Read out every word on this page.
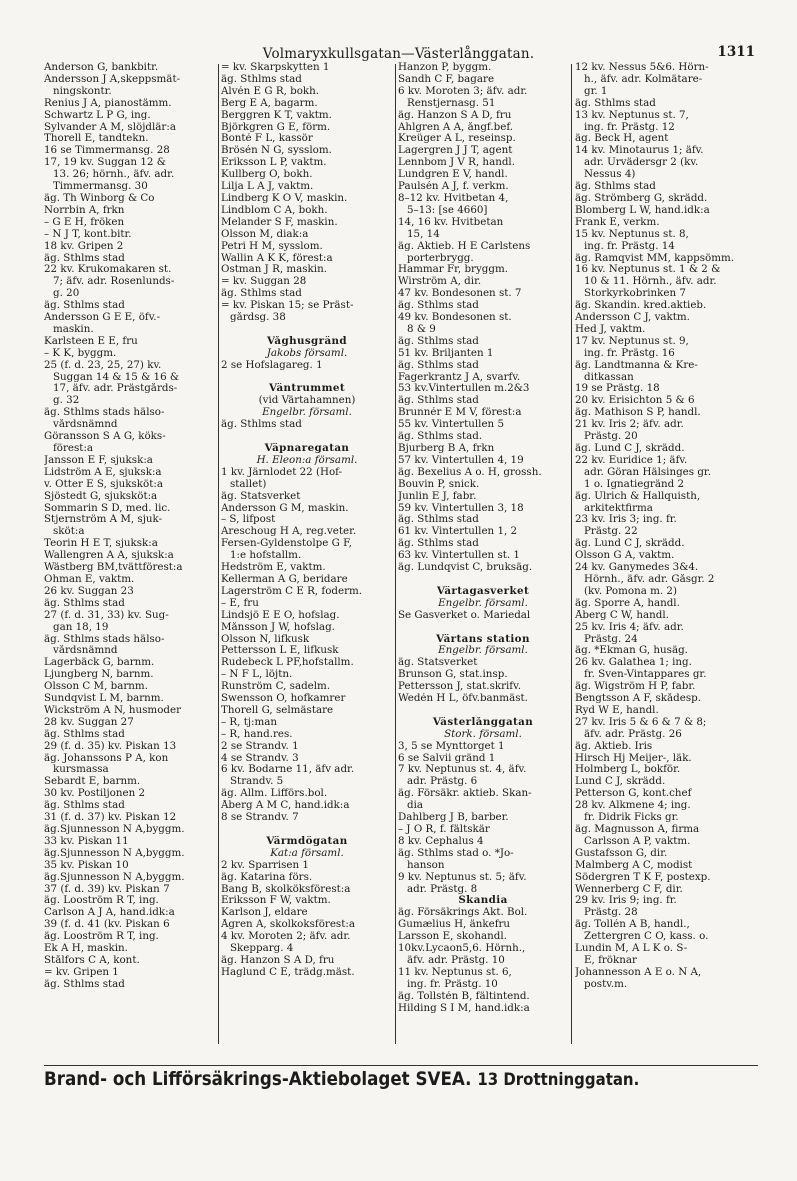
Volmaryxkullsgatan—Västerlånggatan.	1311
Anderson G, bankbitr.
Andersson J A,skeppsmät-
ningskontr.
Renius J A, pianostämm.
Schwartz L P G, ing.
Sylvander A M, slöjdlär:a
Thorell E, tandtekn.
16 se Timmermansg. 28
17, 19 kv. Suggan 12 &
13. 26; hörnh., äfv. adr.
Timmermansg. 30
äg. Th Winborg & Co
Norrbin A, frkn
– G E H, fröken
– N J T, kont.bitr.
18 kv. Gripen 2
äg. Sthlms stad
22 kv. Krukomakaren st.
7; äfv. adr. Rosenlunds-
g. 20
äg. Sthlms stad
Andersson G E E, öfv.-
maskin.
Karlsteen E E, fru
– K K, byggm.
25 (f. d. 23, 25, 27) kv.
Suggan 14 & 15 & 16 &
17, äfv. adr. Prästgårds-
g. 32
äg. Sthlms stads hälso-
vårdsnämnd
Göransson S A G, köks-
förest:a
Jansson E F, sjuksk:a
Lidström A E, sjuksk:a
v. Otter E S, sjuksköt:a
Sjöstedt G, sjuksköt:a
Sommarin S D, med. lic.
Stjernström A M, sjuk-
sköt:a
Teorin H E T, sjuksk:a
Wallengren A A, sjuksk:a
Wästberg BM,tvättförest:a
Öhman E, vaktm.
26 kv. Suggan 23
äg. Sthlms stad
27 (f. d. 31, 33) kv. Sug-
gan 18, 19
äg. Sthlms stads hälso-
vårdsnämnd
Lagerbäck G, barnm.
Ljungberg N, barnm.
Olsson C M, barnm.
Sundqvist L M, barnm.
Wickström A N, husmoder
28 kv. Suggan 27
äg. Sthlms stad
29 (f. d. 35) kv. Piskan 13
äg. Johanssons P A, kon
kursmassa
Sebardt E, barnm.
30 kv. Postiljonen 2
äg. Sthlms stad
31 (f. d. 37) kv. Piskan 12
äg.Sjunnesson N A,byggm.
33 kv. Piskan 11
äg.Sjunnesson N A,byggm.
35 kv. Piskan 10
äg.Sjunnesson N A,byggm.
37 (f. d. 39) kv. Piskan 7
äg. Looström R T, ing.
Carlson A J A, hand.idk:a
39 (f. d. 41 (kv. Piskan 6
äg. Looström R T, ing.
Ek A H, maskin.
Stålfors C A, kont.
= kv. Gripen 1
äg. Sthlms stad
= kv. Skarpskytten 1
äg. Sthlms stad
Alvén E G R, bokh.
Berg E A, bagarm.
Berggren K T, vaktm.
Björkgren G E, förm.
Bonté F L, kassör
Brösén N G, sysslom.
Eriksson L P, vaktm.
Kullberg O, bokh.
Lilja L A J, vaktm.
Lindberg K O V, maskin.
Lindblom C A, bokh.
Melander S F, maskin.
Olsson M, diak:a
Petri H M, sysslom.
Wallin A K K, förest:a
Östman J R, maskin.
= kv. Suggan 28
äg. Sthlms stad
= kv. Piskan 15; se Präst-
gårdsg. 38

Våghusgränd
Jakobs församl.
2 se Hofslagareg. 1

Väntrummet
(vid Värtahamnen)
Engelbr. församl.
äg. Sthlms stad

Väpnaregatan
H. Eleon:a församl.
1 kv. Järnlodet 22 (Hof-
stallet)
äg. Statsverket
Andersson G M, maskin.
– S, lifpost
Areschoug H A, reg.veter.
Fersen-Gyldenstolpe G F,
1:e hofstallm.
Hedström E, vaktm.
Kellerman A G, beridare
Lagerström C E R, foderm.
– E, fru
Lindsjö E E O, hofslag.
Månsson J W, hofslag.
Olsson N, lifkusk
Pettersson L E, lifkusk
Rudebeck L PF,hofstallm.
– N F L, löjtn.
Runström C, sadelm.
Swensson O, hofkamrer
Thorell G, selmästare
– R, tj:man
– R, hand.res.
2 se Strandv. 1
4 se Strandv. 3
6 kv. Bodarne 11, äfv adr.
Strandv. 5
äg. Allm. Lifförs.bol.
Åberg A M C, hand.idk:a
8 se Strandv. 7

Värmdögatan
Kat:a församl.
2 kv. Sparrisen 1
äg. Katarina förs.
Bang B, skolköksförest:a
Eriksson F W, vaktm.
Karlson J, eldare
Ågren A, skolkoksförest:a
4 kv. Moroten 2; äfv. adr.
Skepparg. 4
äg. Hanzon S A D, fru
Haglund C E, trädg.mäst.
Hanzon P, byggm.
Sandh C F, bagare
6 kv. Moroten 3; äfv. adr.
Renstjernasg. 51
äg. Hanzon S A D, fru
Ahlgren A A, ångf.bef.
Kreüger A L, reseinsp.
Lagergren J J T, agent
Lennbom J V R, handl.
Lundgren E V, handl.
Paulsén A J, f. verkm.
8–12 kv. Hvitbetan 4,
5–13: [se 4660]
14, 16 kv. Hvitbetan
15, 14
äg. Aktieb. H E Carlstens
porterbrygg.
Hammar Fr, bryggm.
Wirström A, dir.
47 kv. Bondesonen st. 7
äg. Sthlms stad
49 kv. Bondesonen st.
8 & 9
äg. Sthlms stad
51 kv. Briljanten 1
äg. Sthlms stad
Fagerkrantz J A, svarfv.
53 kv.Vintertullen m.2&3
äg. Sthlms stad
Brunnér E M V, förest:a
55 kv. Vintertullen 5
äg. Sthlms stad.
Bjurberg B A, frkn
57 kv. Vintertullen 4, 19
äg. Bexelius A o. H, grossh.
Bouvin P, snick.
Junlin E J, fabr.
59 kv. Vintertullen 3, 18
äg. Sthlms stad
61 kv. Vintertullen 1, 2
äg. Sthlms stad
63 kv. Vintertullen st. 1
äg. Lundqvist C, bruksäg.

Värtagasverket
Engelbr. församl.
Se Gasverket o. Mariedal

Värtans station
Engelbr. församl.
äg. Statsverket
Brunson G, stat.insp.
Pettersson J, stat.skrifv.
Wedén H L, öfv.banmäst.

Västerlånggatan
Stork. församl.
3, 5 se Mynttorget 1
6 se Salvii gränd 1
7 kv. Neptunus st. 4, äfv.
adr. Prästg. 6
äg. Försäkr. aktieb. Skan-
dia
Dahlberg J B, barber.
– J O R, f. fältskär
8 kv. Cephalus 4
äg. Sthlms stad o. *Jo-
hanson
9 kv. Neptunus st. 5; äfv.
adr. Prästg. 8
Skandia
äg. Försäkrings Akt. Bol.
Gumælius H, änkefru
Larsson E, skohandl.
10kv.Lycaon5,6. Hörnh.,
äfv. adr. Prästg. 10
11 kv. Neptunus st. 6,
ing. fr. Prästg. 10
äg. Tollstén B, fältintend.
Hilding S I M, hand.idk:a
12 kv. Nessus 5&6. Hörn-
h., äfv. adr. Kolmätare-
gr. 1
äg. Sthlms stad
13 kv. Neptunus st. 7,
ing. fr. Prästg. 12
äg. Beck H, agent
14 kv. Minotaurus 1; äfv.
adr. Urvädersgr 2 (kv.
Nessus 4)
äg. Sthlms stad
äg. Strömberg G, skrädd.
Blomberg L W, hand.idk:a
Frank E, verkm.
15 kv. Neptunus st. 8,
ing. fr. Prästg. 14
äg. Ramqvist MM, kappsömm.
16 kv. Neptunus st. 1 & 2 &
10 & 11. Hörnh., äfv. adr.
Storkyrkobrinken 7
äg. Skandin. kred.aktieb.
Andersson C J, vaktm.
Hed J, vaktm.
17 kv. Neptunus st. 9,
ing. fr. Prästg. 16
äg. Landtmanna & Kre-
ditkassan
19 se Prästg. 18
20 kv. Erisichton 5 & 6
äg. Mathison S P, handl.
21 kv. Iris 2; äfv. adr.
Prästg. 20
äg. Lund C J, skrädd.
22 kv. Euridice 1; äfv.
adr. Göran Hälsinges gr.
1 o. Ignatiegränd 2
äg. Ulrich & Hallquisth,
arkitektfirma
23 kv. Iris 3; ing. fr.
Prästg. 22
äg. Lund C J, skrädd.
Olsson G A, vaktm.
24 kv. Ganymedes 3&4.
Hörnh., äfv. adr. Gåsgr. 2
(kv. Pomona m. 2)
äg. Sporre A, handl.
Åberg C W, handl.
25 kv. Iris 4; äfv. adr.
Prästg. 24
äg. *Ekman G, husäg.
26 kv. Galathea 1; ing.
fr. Sven-Vintappares gr.
äg. Wigström H P, fabr.
Bengtsson A F, skådesp.
Ryd W E, handl.
27 kv. Iris 5 & 6 & 7 & 8;
äfv. adr. Prästg. 26
äg. Aktieb. Iris
Hirsch Hj Meijer-, läk.
Holmberg L, bokför.
Lund C J, skrädd.
Petterson G, kont.chef
28 kv. Alkmene 4; ing.
fr. Didrik Ficks gr.
äg. Magnusson A, firma
Carlsson A P, vaktm.
Gustafsson G, dir.
Malmberg A C, modist
Södergren T K F, postexp.
Wennerberg C F, dir.
29 kv. Iris 9; ing. fr.
Prästg. 28
äg. Tollén A B, handl.,
Zettergren C O, kass. o.
Lundin M, A L K o. S-
E, fröknar
Johannesson A E o. N A,
postv.m.
Brand- och Lifförsäkrings-Aktiebolaget SVEA. 13 Drottninggatan.
